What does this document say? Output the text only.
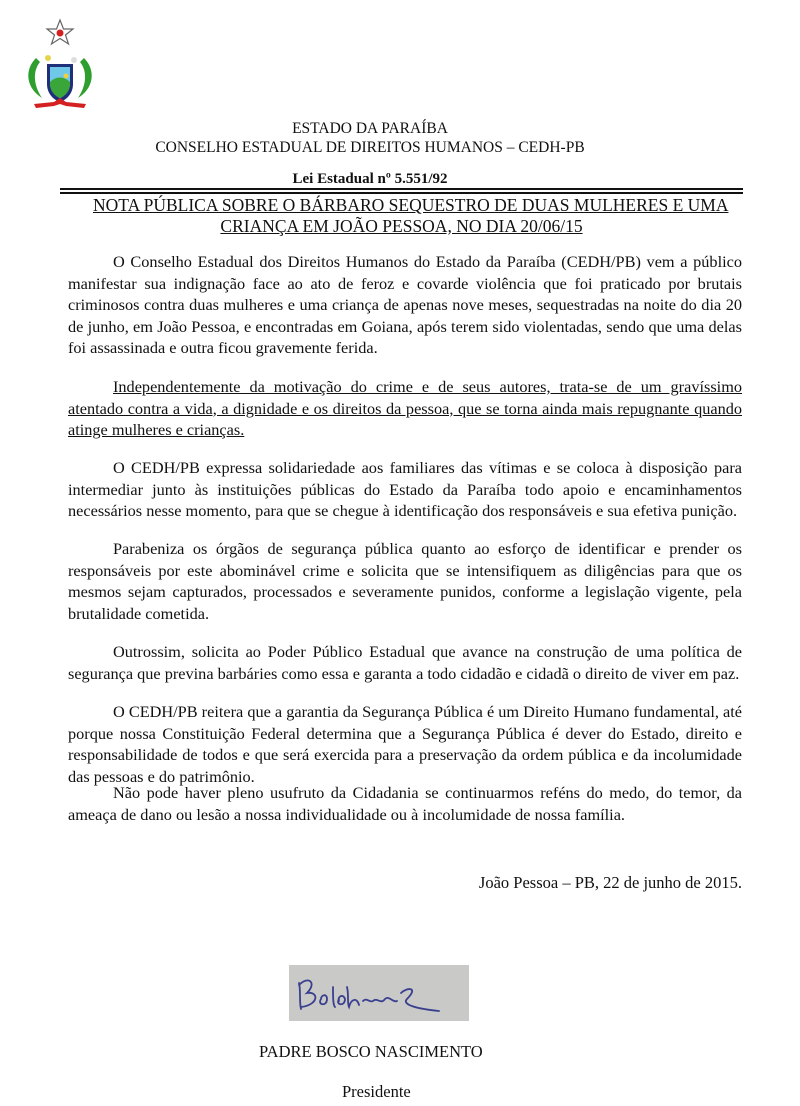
ESTADO DA PARAÍBA
CONSELHO ESTADUAL DE DIREITOS HUMANOS – CEDH-PB
Lei Estadual nº 5.551/92
NOTA PÚBLICA SOBRE O BÁRBARO SEQUESTRO DE DUAS MULHERES E UMA
CRIANÇA EM JOÃO PESSOA, NO DIA 20/06/15

O Conselho Estadual dos Direitos Humanos do Estado da Paraíba (CEDH/PB) vem a público manifestar sua indignação face ao ato de feroz e covarde violência que foi praticado por brutais criminosos contra duas mulheres e uma criança de apenas nove meses, sequestradas na noite do dia 20 de junho, em João Pessoa, e encontradas em Goiana, após terem sido violentadas, sendo que uma delas foi assassinada e outra ficou gravemente ferida.

Independentemente da motivação do crime e de seus autores, trata-se de um gravíssimo atentado contra a vida, a dignidade e os direitos da pessoa, que se torna ainda mais repugnante quando atinge mulheres e crianças.

O CEDH/PB expressa solidariedade aos familiares das vítimas e se coloca à disposição para intermediar junto às instituições públicas do Estado da Paraíba todo apoio e encaminhamentos necessários nesse momento, para que se chegue à identificação dos responsáveis e sua efetiva punição.

Parabeniza os órgãos de segurança pública quanto ao esforço de identificar e prender os responsáveis por este abominável crime e solicita que se intensifiquem as diligências para que os mesmos sejam capturados, processados e severamente punidos, conforme a legislação vigente, pela brutalidade cometida.

Outrossim, solicita ao Poder Público Estadual que avance na construção de uma política de segurança que previna barbáries como essa e garanta a todo cidadão e cidadã o direito de viver em paz.

O CEDH/PB reitera que a garantia da Segurança Pública é um Direito Humano fundamental, até porque nossa Constituição Federal determina que a Segurança Pública é dever do Estado, direito e responsabilidade de todos e que será exercida para a preservação da ordem pública e da incolumidade das pessoas e do patrimônio.

Não pode haver pleno usufruto da Cidadania se continuarmos reféns do medo, do temor, da ameaça de dano ou lesão a nossa individualidade ou à incolumidade de nossa família.

João Pessoa – PB, 22 de junho de 2015.
PADRE BOSCO NASCIMENTO
Presidente
